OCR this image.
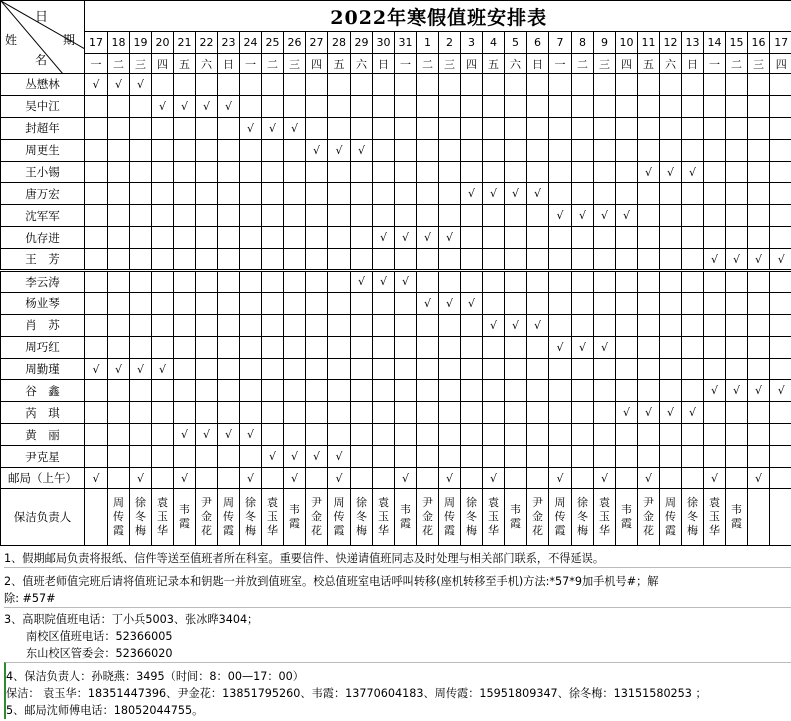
日
期
姓
名	2022年寒假值班安排表																															
	17	18	19	20	21	22	23	24	25	26	27	28	29	30	31	1	2	3	4	5	6	7	8	9	10	11	12	13	14	15	16	17
	一	二	三	四	五	六	日	一	二	三	四	五	六	日	一	二	三	四	五	六	日	一	二	三	四	五	六	日	一	二	三	四
丛懋林	√	√	√																													
吴中江				√	√	√	√																									
封超年								√	√	√																						
周更生											√	√	√																			
王小锡																										√	√	√				
唐万宏																		√	√	√	√											
沈军军																						√	√	√	√							
仇存进														√	√	√	√															
王　芳																													√	√	√	√
李云涛													√	√	√																	
杨业琴																√	√	√														
肖　苏																			√	√	√											
周巧红																						√	√	√								
周勤瑾	√	√	√	√																												
谷　鑫																													√	√	√	√
芮　琪																									√	√	√	√				
黄　丽					√	√	√	√																								
尹克星									√	√	√	√																				
邮局（上午）	√		√		√			√		√		√			√		√		√			√		√		√			√		√	
保洁负责人		周传霞	徐冬梅	袁玉华	韦霞	尹金花	周传霞	徐冬梅	袁玉华	韦霞	尹金花	周传霞	徐冬梅	袁玉华	韦霞	尹金花	周传霞	徐冬梅	袁玉华	韦霞	尹金花	周传霞	徐冬梅	袁玉华	韦霞	尹金花	周传霞	徐冬梅	袁玉华	韦霞		

1、假期邮局负责将报纸、信件等送至值班者所在科室。重要信件、快递请值班同志及时处理与相关部门联系，不得延误。
2、值班老师值完班后请将值班记录本和钥匙一并放到值班室。校总值班室电话呼叫转移(座机转移至手机)方法:*57*9加手机号#；解
除: #57#
3、高职院值班电话：丁小兵5003、张冰晔3404；
南校区值班电话：52366005
东山校区管委会：52366020
4、保洁负责人：孙晓燕：3495（时间：8：00—17：00）
保洁： 袁玉华：18351447396、尹金花：13851795260、韦霞：13770604183、周传霞：15951809347、徐冬梅：13151580253 ；
5、邮局沈师傅电话：18052044755。
